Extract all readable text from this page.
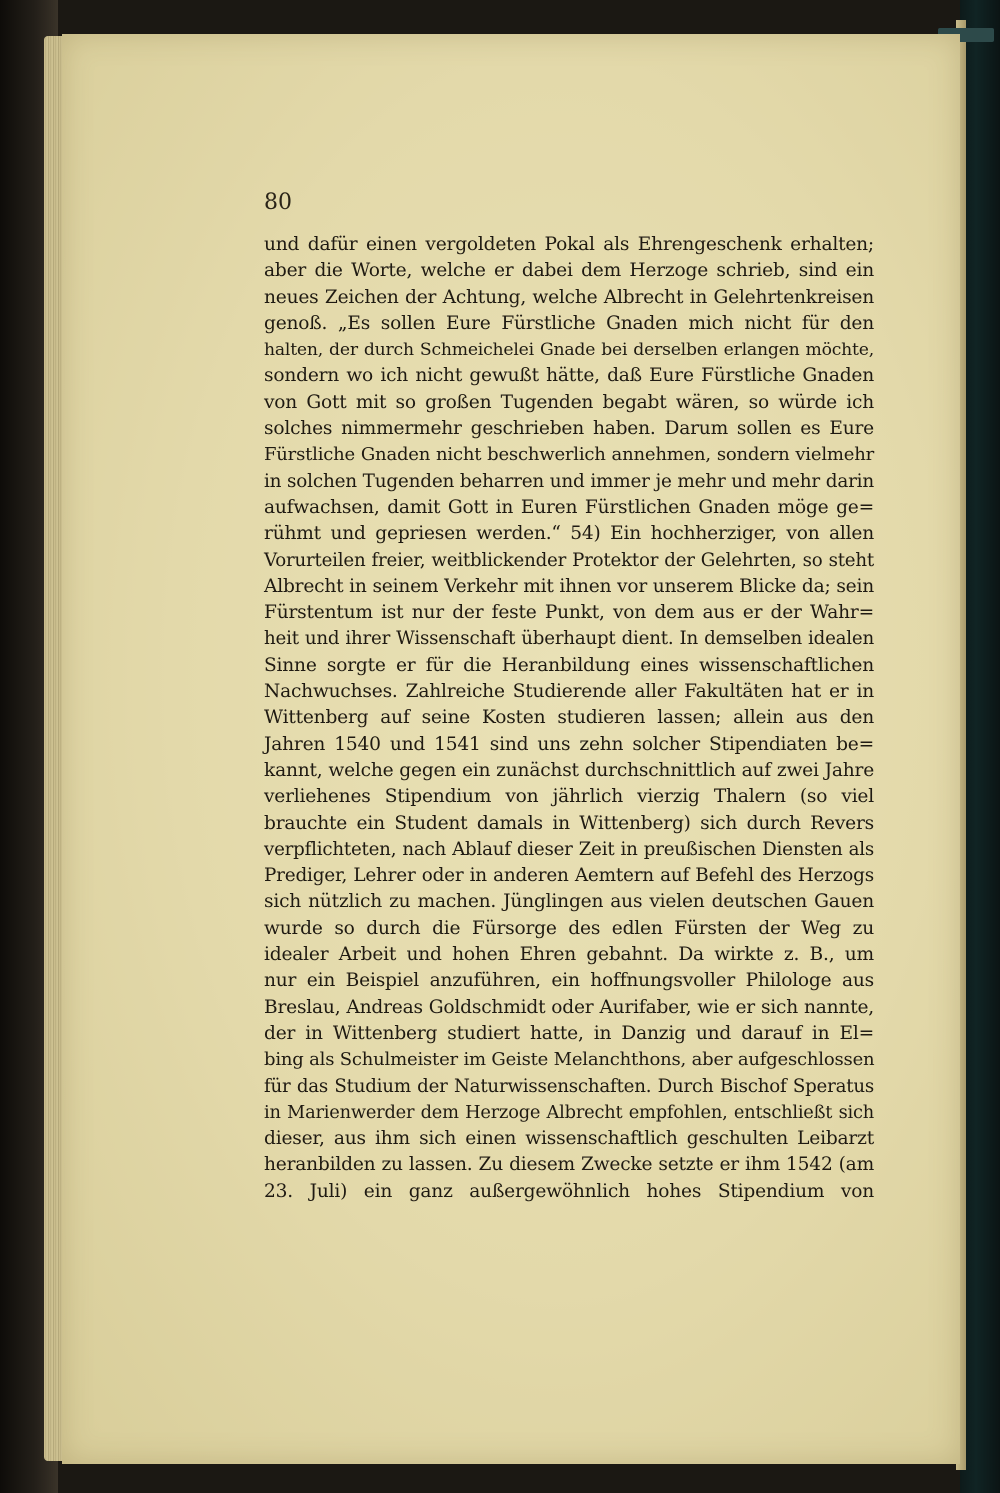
80
und dafür einen vergoldeten Pokal als Ehrengeschenk erhalten;
aber die Worte, welche er dabei dem Herzoge schrieb, sind ein
neues Zeichen der Achtung, welche Albrecht in Gelehrtenkreisen
genoß. „Es sollen Eure Fürstliche Gnaden mich nicht für den
halten, der durch Schmeichelei Gnade bei derselben erlangen möchte,
sondern wo ich nicht gewußt hätte, daß Eure Fürstliche Gnaden
von Gott mit so großen Tugenden begabt wären, so würde ich
solches nimmermehr geschrieben haben. Darum sollen es Eure
Fürstliche Gnaden nicht beschwerlich annehmen, sondern vielmehr
in solchen Tugenden beharren und immer je mehr und mehr darin
aufwachsen, damit Gott in Euren Fürstlichen Gnaden möge ge=
rühmt und gepriesen werden.“ 54) Ein hochherziger, von allen
Vorurteilen freier, weitblickender Protektor der Gelehrten, so steht
Albrecht in seinem Verkehr mit ihnen vor unserem Blicke da; sein
Fürstentum ist nur der feste Punkt, von dem aus er der Wahr=
heit und ihrer Wissenschaft überhaupt dient. In demselben idealen
Sinne sorgte er für die Heranbildung eines wissenschaftlichen
Nachwuchses. Zahlreiche Studierende aller Fakultäten hat er in
Wittenberg auf seine Kosten studieren lassen; allein aus den
Jahren 1540 und 1541 sind uns zehn solcher Stipendiaten be=
kannt, welche gegen ein zunächst durchschnittlich auf zwei Jahre
verliehenes Stipendium von jährlich vierzig Thalern (so viel
brauchte ein Student damals in Wittenberg) sich durch Revers
verpflichteten, nach Ablauf dieser Zeit in preußischen Diensten als
Prediger, Lehrer oder in anderen Aemtern auf Befehl des Herzogs
sich nützlich zu machen. Jünglingen aus vielen deutschen Gauen
wurde so durch die Fürsorge des edlen Fürsten der Weg zu
idealer Arbeit und hohen Ehren gebahnt. Da wirkte z. B., um
nur ein Beispiel anzuführen, ein hoffnungsvoller Philologe aus
Breslau, Andreas Goldschmidt oder Aurifaber, wie er sich nannte,
der in Wittenberg studiert hatte, in Danzig und darauf in El=
bing als Schulmeister im Geiste Melanchthons, aber aufgeschlossen
für das Studium der Naturwissenschaften. Durch Bischof Speratus
in Marienwerder dem Herzoge Albrecht empfohlen, entschließt sich
dieser, aus ihm sich einen wissenschaftlich geschulten Leibarzt
heranbilden zu lassen. Zu diesem Zwecke setzte er ihm 1542 (am
23. Juli) ein ganz außergewöhnlich hohes Stipendium von
